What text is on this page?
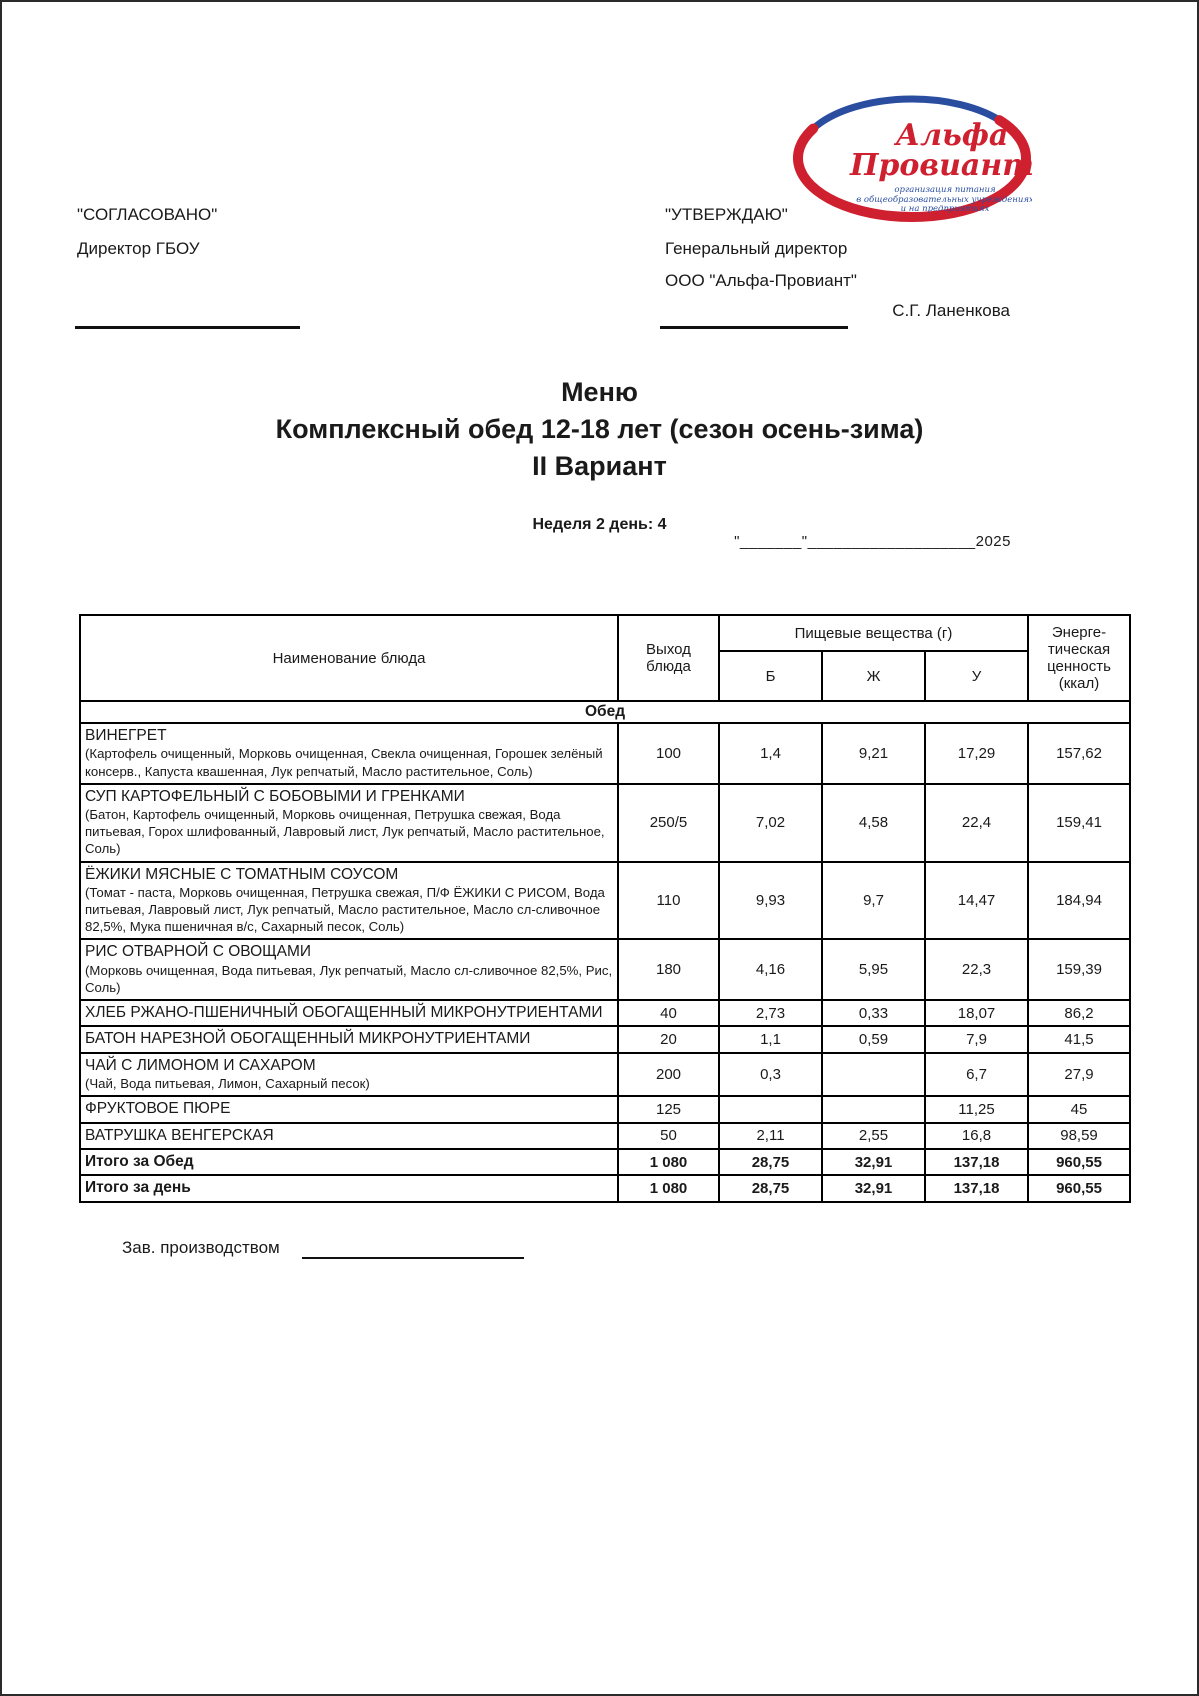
"СОГЛАСОВАНО"
Директор ГБОУ
"УТВЕРЖДАЮ"
Генеральный директор
ООО "Альфа-Провиант"
С.Г. Ланенкова
Альфа
Провиант
организация питания
в общеобразовательных учреждениях
и на предприятиях
Меню
Комплексный обед 12-18 лет (сезон осень-зима)
II Вариант
Неделя 2 день: 4
"_______"___________________2025
Наименование блюда	Выход блюда	Пищевые вещества (г)			Энерге-тическая ценность (ккал)
		Б	Ж	У	
Обед					

ВИНЕГРЕТ
(Картофель очищенный, Морковь очищенная, Свекла очищенная, Горошек зелёный консерв., Капуста квашенная, Лук репчатый, Масло растительное, Соль)	100	1,4	9,21	17,29	157,62

СУП КАРТОФЕЛЬНЫЙ С БОБОВЫМИ И ГРЕНКАМИ
(Батон, Картофель очищенный, Морковь очищенная, Петрушка свежая, Вода питьевая, Горох шлифованный, Лавровый лист, Лук репчатый, Масло растительное, Соль)	250/5	7,02	4,58	22,4	159,41

ЁЖИКИ МЯСНЫЕ С ТОМАТНЫМ СОУСОМ
(Томат - паста, Морковь очищенная, Петрушка свежая, П/Ф ЁЖИКИ С РИСОМ, Вода питьевая, Лавровый лист, Лук репчатый, Масло растительное, Масло сл-сливочное 82,5%, Мука пшеничная в/с, Сахарный песок, Соль)	110	9,93	9,7	14,47	184,94

РИС ОТВАРНОЙ С ОВОЩАМИ
(Морковь очищенная, Вода питьевая, Лук репчатый, Масло сл-сливочное 82,5%, Рис, Соль)	180	4,16	5,95	22,3	159,39

ХЛЕБ РЖАНО-ПШЕНИЧНЫЙ ОБОГАЩЕННЫЙ МИКРОНУТРИЕНТАМИ	40	2,73	0,33	18,07	86,2

БАТОН НАРЕЗНОЙ ОБОГАЩЕННЫЙ МИКРОНУТРИЕНТАМИ	20	1,1	0,59	7,9	41,5

ЧАЙ С ЛИМОНОМ И САХАРОМ
(Чай, Вода питьевая, Лимон, Сахарный песок)	200	0,3		6,7	27,9

ФРУКТОВОЕ ПЮРЕ	125			11,25	45

ВАТРУШКА ВЕНГЕРСКАЯ	50	2,11	2,55	16,8	98,59

Итого за Обед	1 080	28,75	32,91	137,18	960,55

Итого за день	1 080	28,75	32,91	137,18	960,55
Зав. производством
